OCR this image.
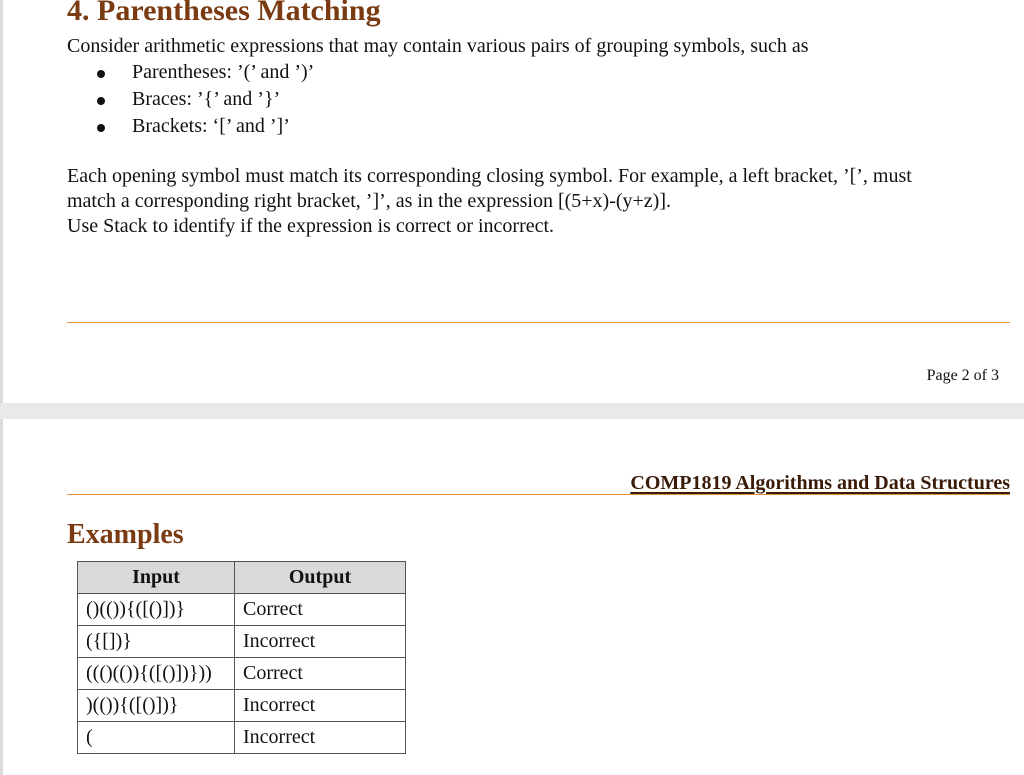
4. Parentheses Matching

Consider arithmetic expressions that may contain various pairs of grouping symbols, such as

Parentheses: ’(’ and ’)’
Braces: ’{’ and ’}’
Brackets: ‘[’ and ’]’
Each opening symbol must match its corresponding closing symbol. For example, a left bracket, ’[’, must
match a corresponding right bracket, ’]’, as in the expression [(5+x)-(y+z)].
Use Stack to identify if the expression is correct or incorrect.
Page 2 of 3
COMP1819 Algorithms and Data Structures
Examples
Input	Output
()(()){([()])}	Correct
({[])}	Incorrect
((()(()){([()])}))	Correct
)(()){([()])}	Incorrect
(	Incorrect
